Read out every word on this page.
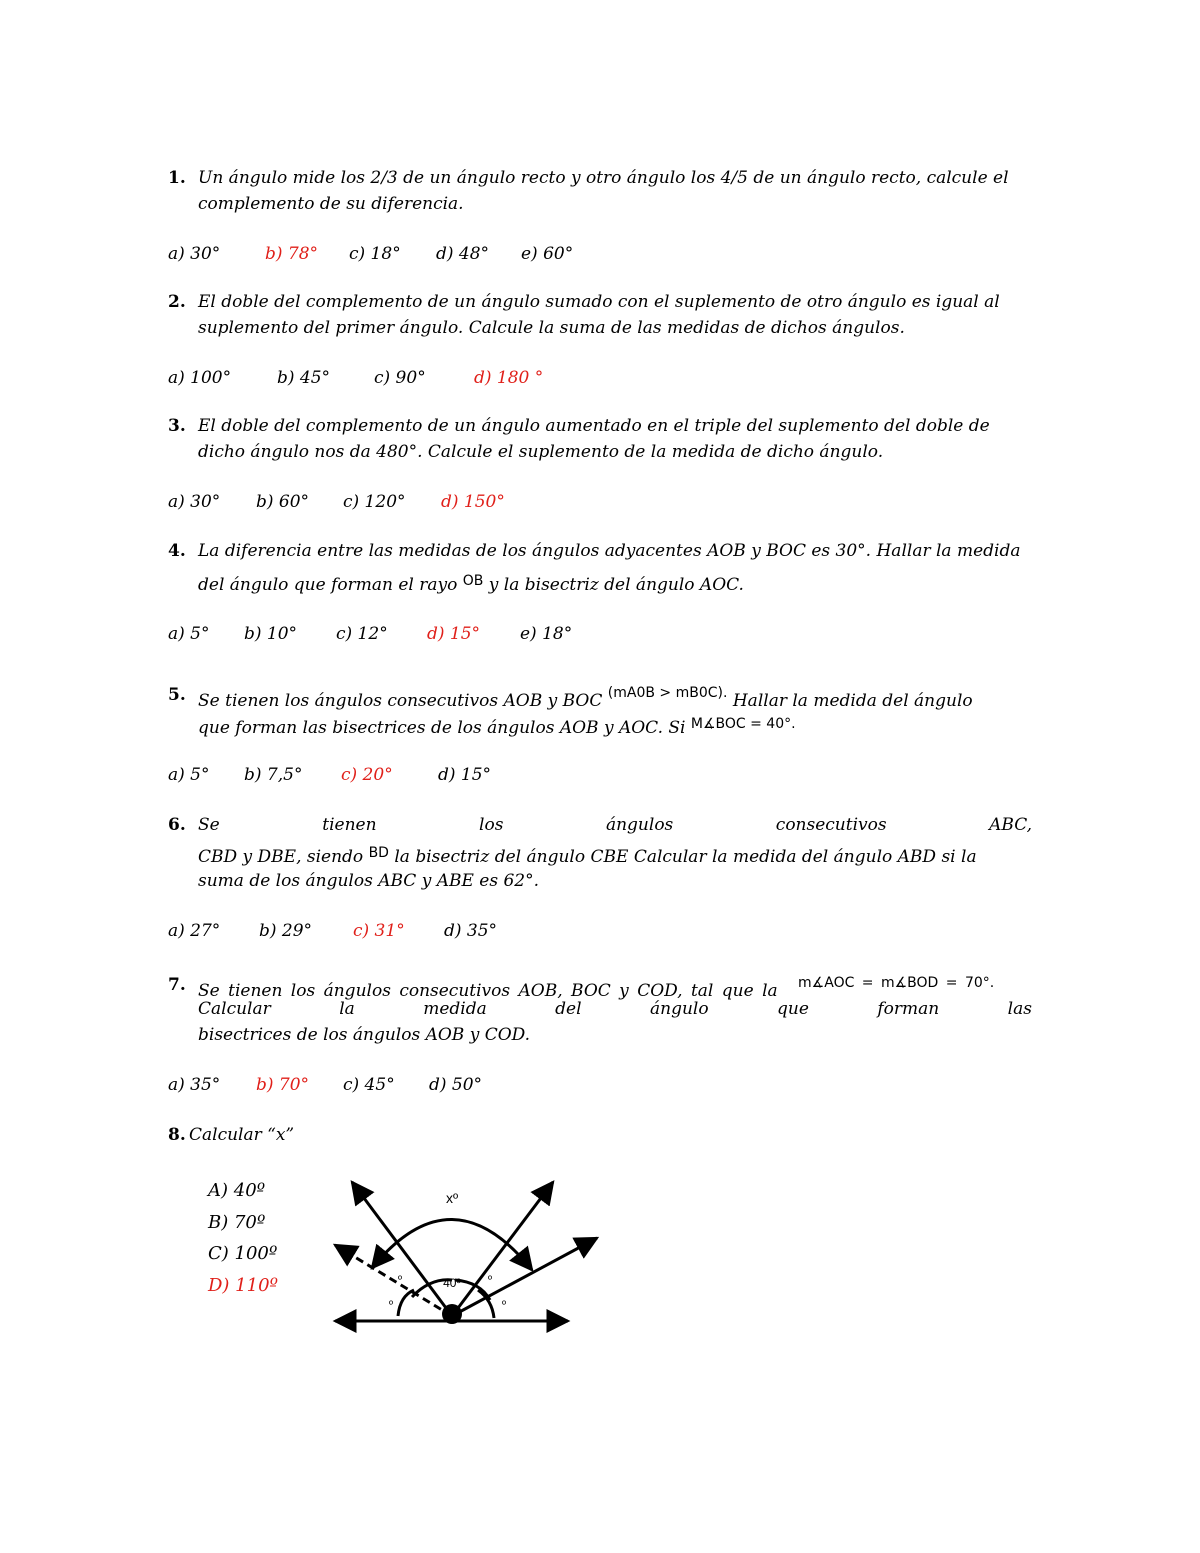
1. Un ángulo mide los 2/3 de un ángulo recto y otro ángulo los 4/5 de un ángulo recto, calcule el
complemento de su diferencia.
a) 30°	b) 78° c) 18° d) 48° e) 60°
2. El doble del complemento de un ángulo sumado con el suplemento de otro ángulo es igual al
suplemento del primer ángulo. Calcule la suma de las medidas de dichos ángulos.
a) 100°	b) 45°	c) 90°	d) 180 °
3. El doble del complemento de un ángulo aumentado en el triple del suplemento del doble de
dicho ángulo nos da 480°. Calcule el suplemento de la medida de dicho ángulo.
a) 30° b) 60° c) 120° d) 150°
4. La diferencia entre las medidas de los ángulos adyacentes AOB y BOC es 30°. Hallar la medida
del ángulo que forman el rayo $^{OB}$ y la bisectriz del ángulo AOC.
a) 5° b) 10° c) 12° d) 15° e) 18°
5. Se tienen los ángulos consecutivos AOB y BOC $^{(mA0B > mB0C).}$ Hallar la medida del ángulo
que forman las bisectrices de los ángulos AOB y AOC. Si $^{M∡BOC = 40^\circ.}$
a) 5° b) 7,5° c) 20°	d) 15°
6. Se	tienen	los	ángulos	consecutivos	ABC,
CBD y DBE, siendo $^{BD}$ la bisectriz del ángulo CBE Calcular la medida del ángulo ABD si la
suma de los ángulos ABC y ABE es 62°.
a) 27° b) 29° c) 31° d) 35°
7. Se tienen los ángulos consecutivos AOB, BOC y COD, tal que la $^{m∡AOC = m∡BOD = 70^\circ.}$
Calcular	la	medida	del	ángulo	que	forman	las
bisectrices de los ángulos AOB y COD.
a) 35° b) 70° c) 45° d) 50°
8. Calcular “x”
A) 40º
B) 70º
C) 100º
D) 110º
xº
40º
º	º
º	º
